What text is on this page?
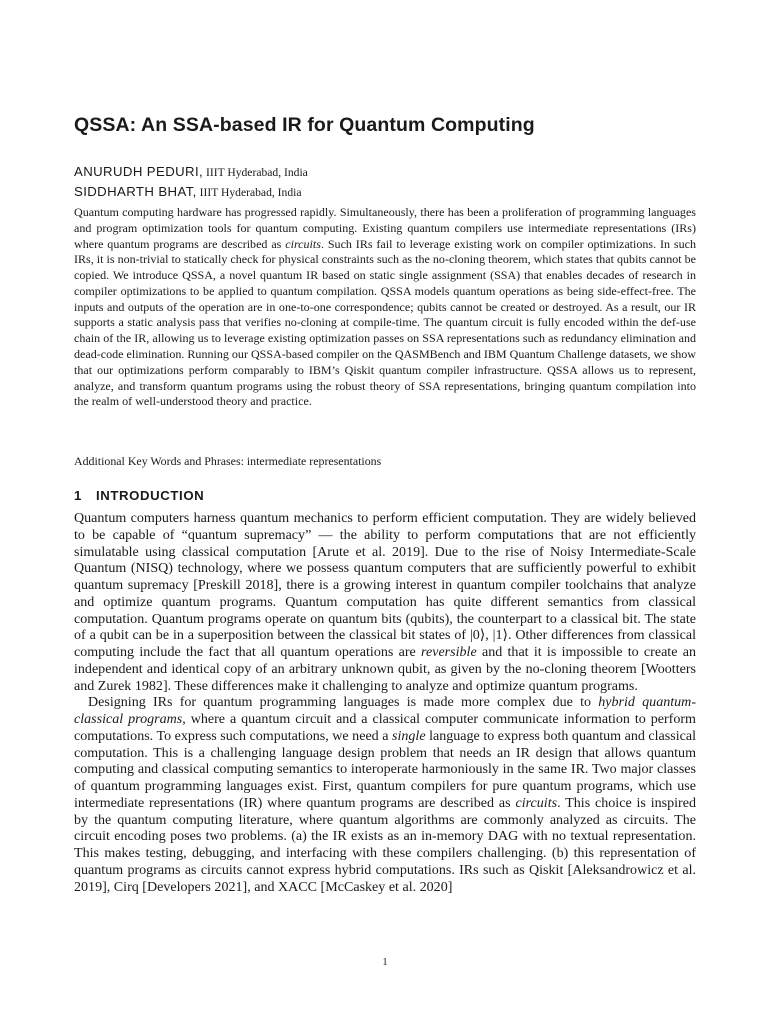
QSSA: An SSA-based IR for Quantum Computing
ANURUDH PEDURI, IIIT Hyderabad, India
SIDDHARTH BHAT, IIIT Hyderabad, India

Quantum computing hardware has progressed rapidly. Simultaneously, there has been a proliferation of programming languages and program optimization tools for quantum computing. Existing quantum compilers use intermediate representations (IRs) where quantum programs are described as circuits. Such IRs fail to leverage existing work on compiler optimizations. In such IRs, it is non-trivial to statically check for physical constraints such as the no-cloning theorem, which states that qubits cannot be copied. We introduce QSSA, a novel quantum IR based on static single assignment (SSA) that enables decades of research in compiler optimizations to be applied to quantum compilation. QSSA models quantum operations as being side-effect-free. The inputs and outputs of the operation are in one-to-one correspondence; qubits cannot be created or destroyed. As a result, our IR supports a static analysis pass that verifies no-cloning at compile-time. The quantum circuit is fully encoded within the def-use chain of the IR, allowing us to leverage existing optimization passes on SSA representations such as redundancy elimination and dead-code elimination. Running our QSSA-based compiler on the QASMBench and IBM Quantum Challenge datasets, we show that our optimizations perform comparably to IBM’s Qiskit quantum compiler infrastructure. QSSA allows us to represent, analyze, and transform quantum programs using the robust theory of SSA representations, bringing quantum compilation into the realm of well-understood theory and practice.

Additional Key Words and Phrases: intermediate representations

1 INTRODUCTION

Quantum computers harness quantum mechanics to perform efficient computation. They are widely believed to be capable of “quantum supremacy” — the ability to perform computations that are not efficiently simulatable using classical computation [Arute et al. 2019]. Due to the rise of Noisy Intermediate-Scale Quantum (NISQ) technology, where we possess quantum computers that are sufficiently powerful to exhibit quantum supremacy [Preskill 2018], there is a growing interest in quantum compiler toolchains that analyze and optimize quantum programs. Quantum computation has quite different semantics from classical computation. Quantum programs operate on quantum bits (qubits), the counterpart to a classical bit. The state of a qubit can be in a superposition between the classical bit states of |0⟩, |1⟩. Other differences from classical computing include the fact that all quantum operations are reversible and that it is impossible to create an independent and identical copy of an arbitrary unknown qubit, as given by the no-cloning theorem [Wootters and Zurek 1982]. These differences make it challenging to analyze and optimize quantum programs.

Designing IRs for quantum programming languages is made more complex due to hybrid quantum-classical programs, where a quantum circuit and a classical computer communicate information to perform computations. To express such computations, we need a single language to express both quantum and classical computation. This is a challenging language design problem that needs an IR design that allows quantum computing and classical computing semantics to interoperate harmoniously in the same IR. Two major classes of quantum programming languages exist. First, quantum compilers for pure quantum programs, which use intermediate representations (IR) where quantum programs are described as circuits. This choice is inspired by the quantum computing literature, where quantum algorithms are commonly analyzed as circuits. The circuit encoding poses two problems. (a) the IR exists as an in-memory DAG with no textual representation. This makes testing, debugging, and interfacing with these compilers challenging. (b) this representation of quantum programs as circuits cannot express hybrid computations. IRs such as Qiskit [Aleksandrowicz et al. 2019], Cirq [Developers 2021], and XACC [McCaskey et al. 2020]

1
